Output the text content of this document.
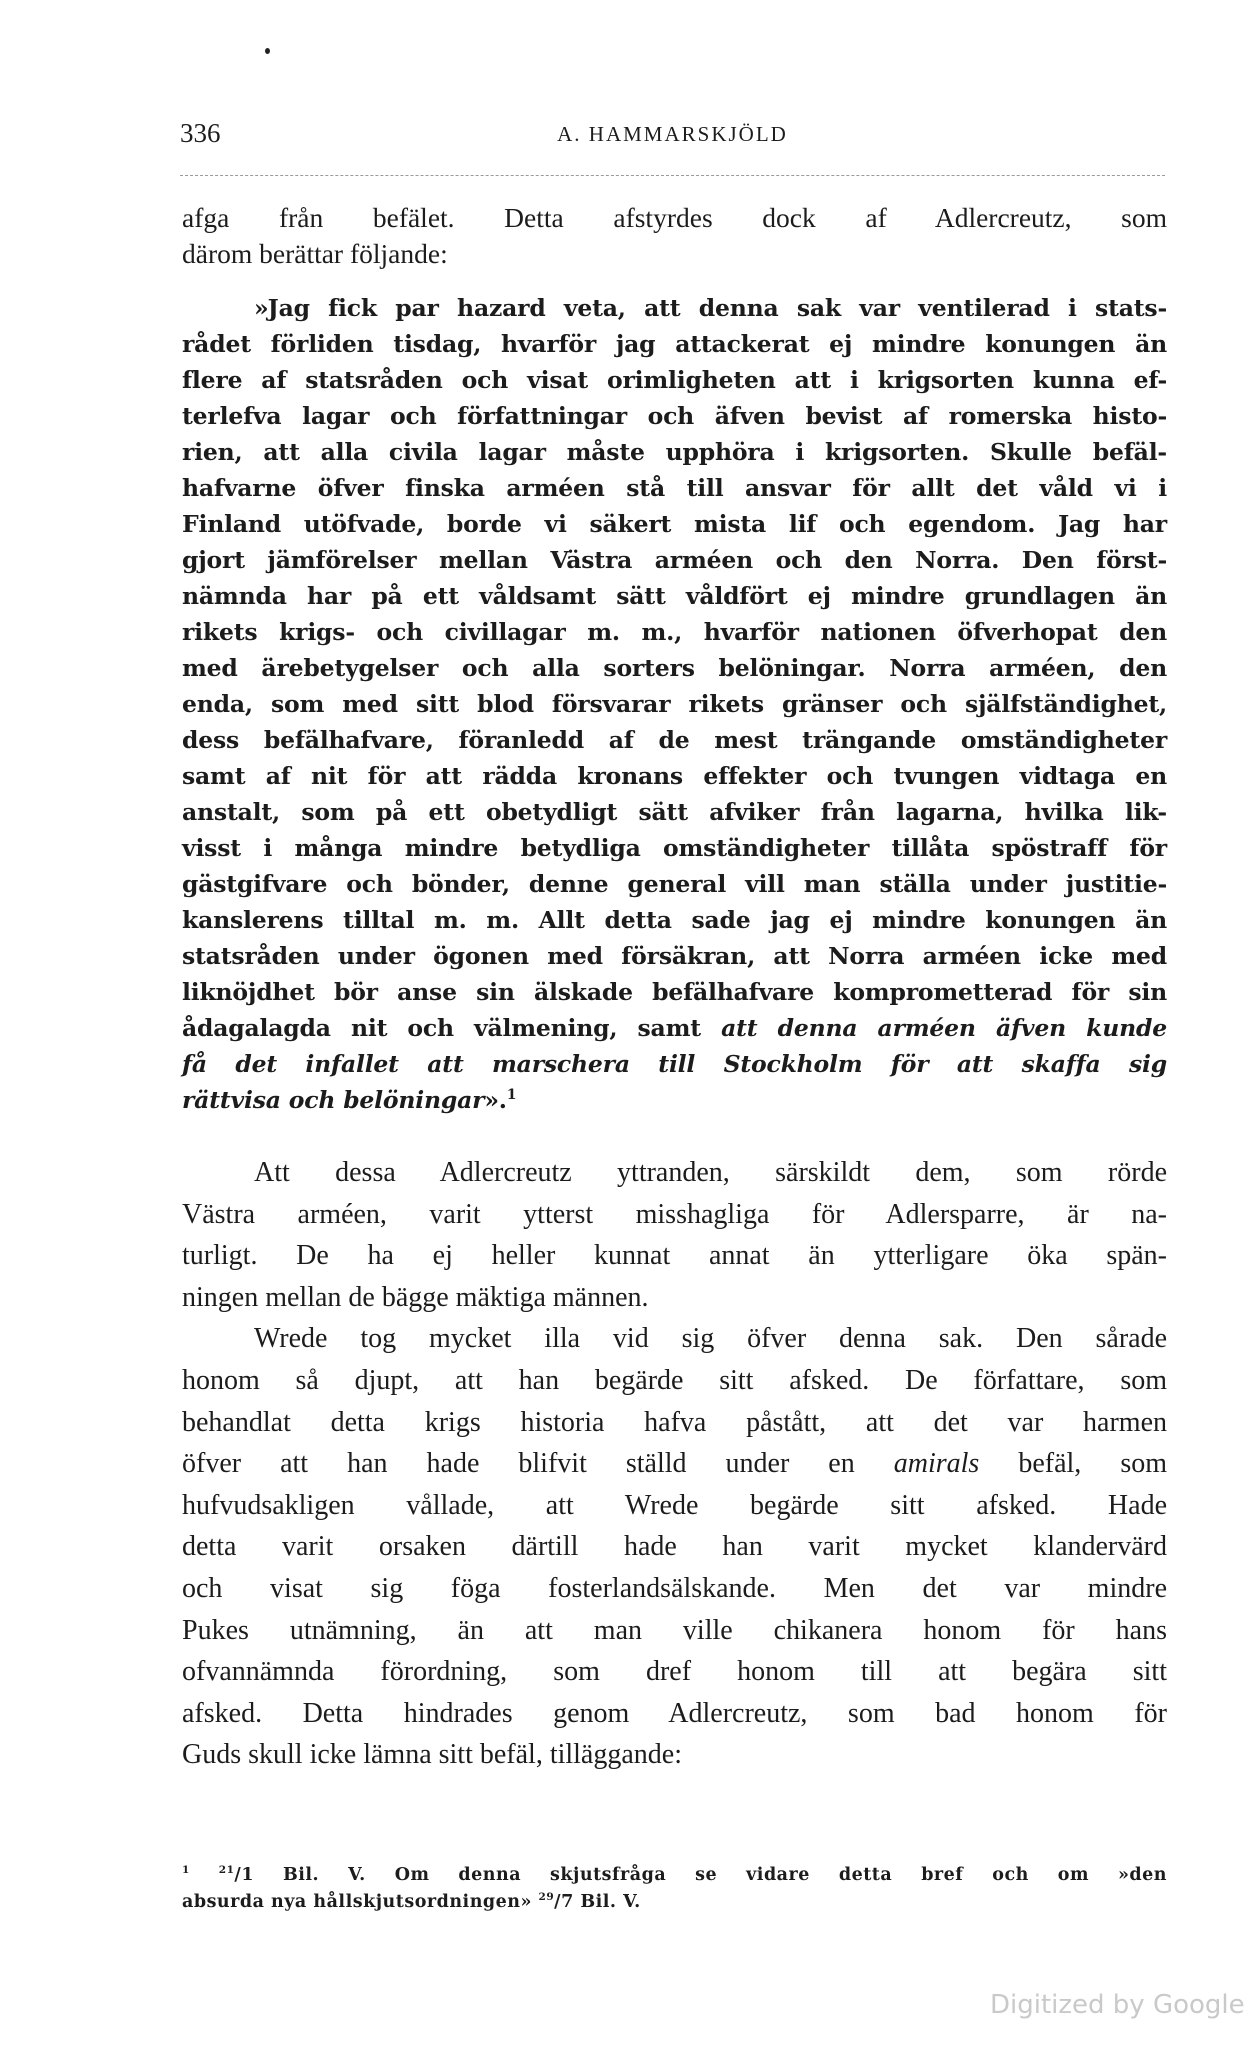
336	A. HAMMARSKJÖLD
afga från befälet. Detta afstyrdes dock af Adlercreutz, som
därom berättar följande:
»Jag fick par hazard veta, att denna sak var ventilerad i stats-
rådet förliden tisdag, hvarför jag attackerat ej mindre konungen än
flere af statsråden och visat orimligheten att i krigsorten kunna ef-
terlefva lagar och författningar och äfven bevist af romerska histo-
rien, att alla civila lagar måste upphöra i krigsorten. Skulle befäl-
hafvarne öfver finska arméen stå till ansvar för allt det våld vi i
Finland utöfvade, borde vi säkert mista lif och egendom. Jag har
gjort jämförelser mellan Västra arméen och den Norra. Den först-
nämnda har på ett våldsamt sätt våldfört ej mindre grundlagen än
rikets krigs- och civillagar m. m., hvarför nationen öfverhopat den
med ärebetygelser och alla sorters belöningar. Norra arméen, den
enda, som med sitt blod försvarar rikets gränser och själfständighet,
dess befälhafvare, föranledd af de mest trängande omständigheter
samt af nit för att rädda kronans effekter och tvungen vidtaga en
anstalt, som på ett obetydligt sätt afviker från lagarna, hvilka lik-
visst i många mindre betydliga omständigheter tillåta spöstraff för
gästgifvare och bönder, denne general vill man ställa under justitie-
kanslerens tilltal m. m. Allt detta sade jag ej mindre konungen än
statsråden under ögonen med försäkran, att Norra arméen icke med
liknöjdhet bör anse sin älskade befälhafvare komprometterad för sin
ådagalagda nit och välmening, samt att denna arméen äfven kunde
få det infallet att marschera till Stockholm för att skaffa sig
rättvisa och belöningar».$^1$
Att dessa Adlercreutz yttranden, särskildt dem, som rörde
Västra arméen, varit ytterst misshagliga för Adlersparre, är na-
turligt. De ha ej heller kunnat annat än ytterligare öka spän-
ningen mellan de bägge mäktiga männen.
Wrede tog mycket illa vid sig öfver denna sak. Den sårade
honom så djupt, att han begärde sitt afsked. De författare, som
behandlat detta krigs historia hafva påstått, att det var harmen
öfver att han hade blifvit ställd under en amirals befäl, som
hufvudsakligen vållade, att Wrede begärde sitt afsked. Hade
detta varit orsaken därtill hade han varit mycket klandervärd
och visat sig föga fosterlandsälskande. Men det var mindre
Pukes utnämning, än att man ville chikanera honom för hans
ofvannämnda förordning, som dref honom till att begära sitt
afsked. Detta hindrades genom Adlercreutz, som bad honom för
Guds skull icke lämna sitt befäl, tilläggande:
$^1$	$^{21}$/1 Bil. V. Om denna skjutsfråga se vidare detta bref och om »den
absurda nya hållskjutsordningen» $^{29}$/7 Bil. V.
Digitized by Google
